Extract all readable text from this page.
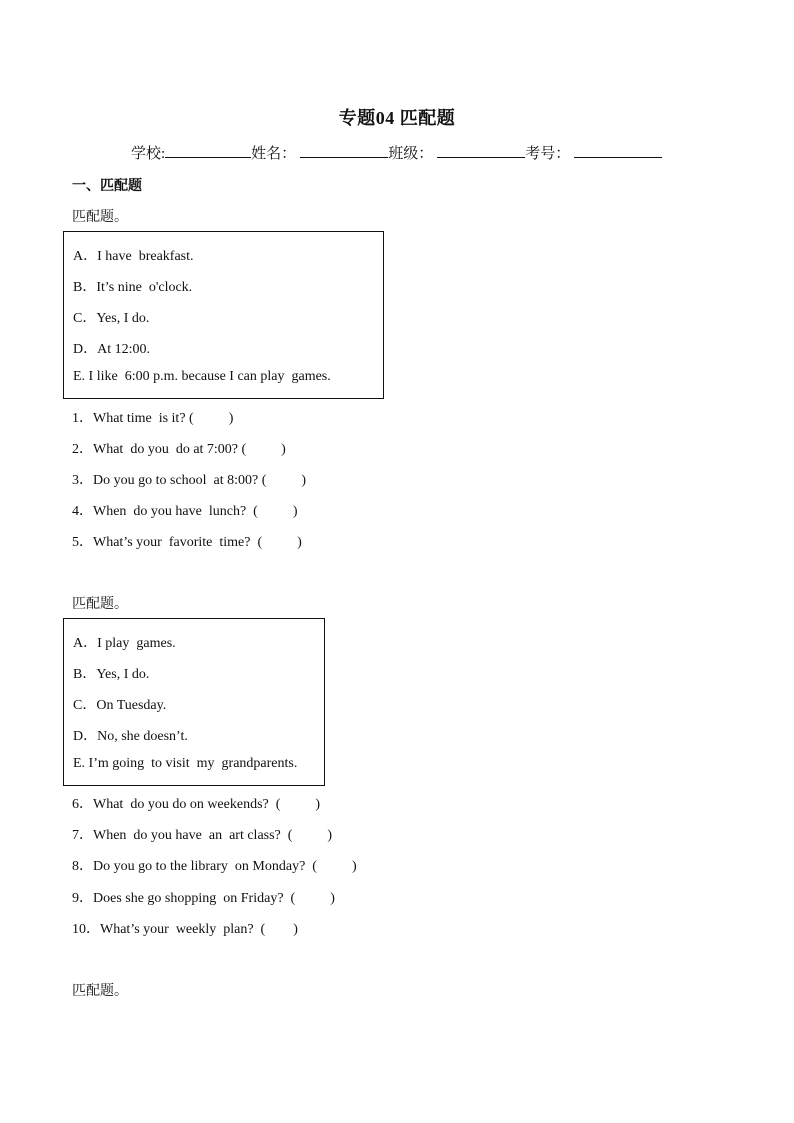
专题04 匹配题
学校:	姓名：	班级：	考号：
一、匹配题
匹配题。
A．I have  breakfast.
B．It’s nine  o'clock.
C．Yes, I do.
D．At 12:00.
E. I like  6:00 p.m. because I can play  games.
1．What time  is it? (          )
2．What  do you  do at 7:00? (          )
3．Do you go to school  at 8:00? (          )
4．When  do you have  lunch?  (          )
5．What’s your  favorite  time?  (          )
匹配题。
A．I play  games.
B．Yes, I do.
C．On Tuesday.
D．No, she doesn’t.
E. I’m going  to visit  my  grandparents.
6．What  do you do on weekends?  (          )
7．When  do you have  an  art class?  (          )
8．Do you go to the library  on Monday?  (          )
9．Does she go shopping  on Friday?  (          )
10．What’s your  weekly  plan?  (        )
匹配题。
